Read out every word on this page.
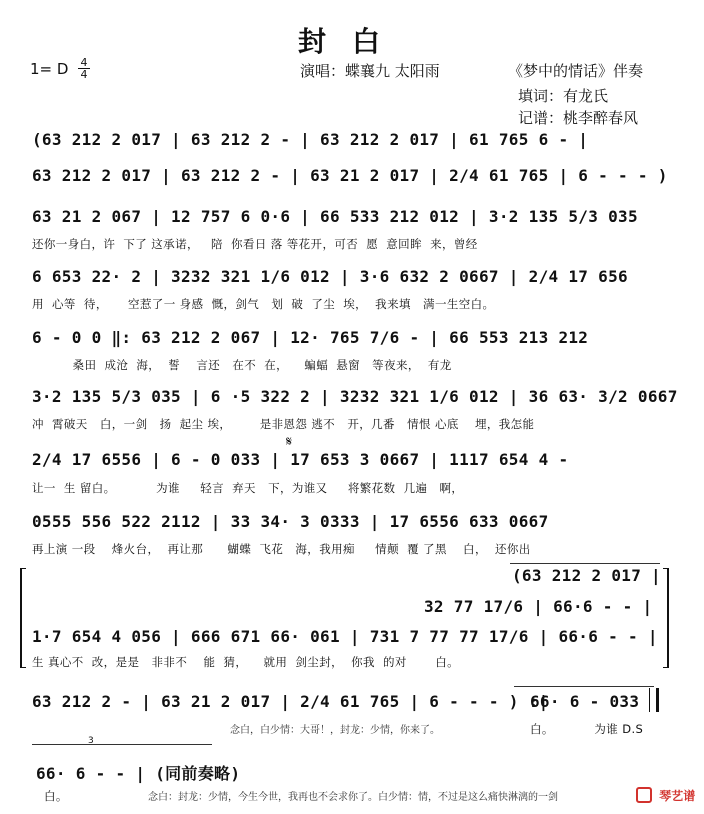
封白
1= D 4
4	演唱：蝶襄九 太阳雨	《梦中的情话》伴奏
填词：有龙氏
记谱：桃李醉春风
(63 212 2 017 | 63 212 2 - | 63 212 2 017 | 61 765 6 - |
63 212 2 017 | 63 212 2 - | 63 21 2 017 | 2/4 61 765 | 6 - - - )
63 21 2 067 | 12 757 6 0·6 | 66 533 212 012 | 3·2 135 5/3 035
还你一身白，许  下了 这承诺，   陪  你看日 落 等花开，可否  愿  意回眸  来，曾经
6 653 22· 2 | 3232 321 1/6 012 | 3·6 632 2 0667 | 2/4 17 656
用  心等  待，     空惹了一 身感  慨，剑气   划  破  了尘  埃，  我来填   满一生空白。
6 - 0 0 ‖: 63 212 2 067 | 12· 765 7/6 - | 66 553 213 212
桑田  成沧  海，  誓    言还   在不  在，    蝙蝠  悬窗   等夜来，  有龙
3·2 135 5/3 035 | 6 ·5 322 2 | 3232 321 1/6 012 | 36 63· 3/2 0667
冲  霄破天   白，一剑   扬  起尘 埃，       是非恩怨 逃不   开，几番   情恨 心底    埋，我怎能
2/4 17 6556 | 6 - 0 033 | 17 653 3 0667 | 1117 654 4 -
让一  生 留白。          为谁     轻言  弃天   下，为谁又     将繁花数  几遍   啊，
𝄋
0555 556 522 2112 | 33 34· 3 0333 | 17 6556 633 0667
再上演 一段    烽火台，  再让那      蝴蝶  飞花   海，我用痴     情颠  覆 了黑    白，  还你出
(63 212 2 017 |
32 77 17/6 | 66·6 - - |
1·7 654 4 056 | 666 671 66· 061 | 731 7 77 77 17/6 | 66·6 - - |
生 真心不  改，是是   非非不    能  猜，    就用  剑尘封，  你我  的对       白。
63 212 2 - | 63 21 2 017 | 2/4 61 765 | 6 - - - ) :|
念白，白少情：大哥！，封龙：少情，你来了。
66· 6 - 033
白。          为谁 D.S
3
66· 6 - - | (同前奏略)
白。	念白：封龙：少情，今生今世，我再也不会求你了。白少情：情，不过是这么痛快淋漓的一剑	琴艺谱
